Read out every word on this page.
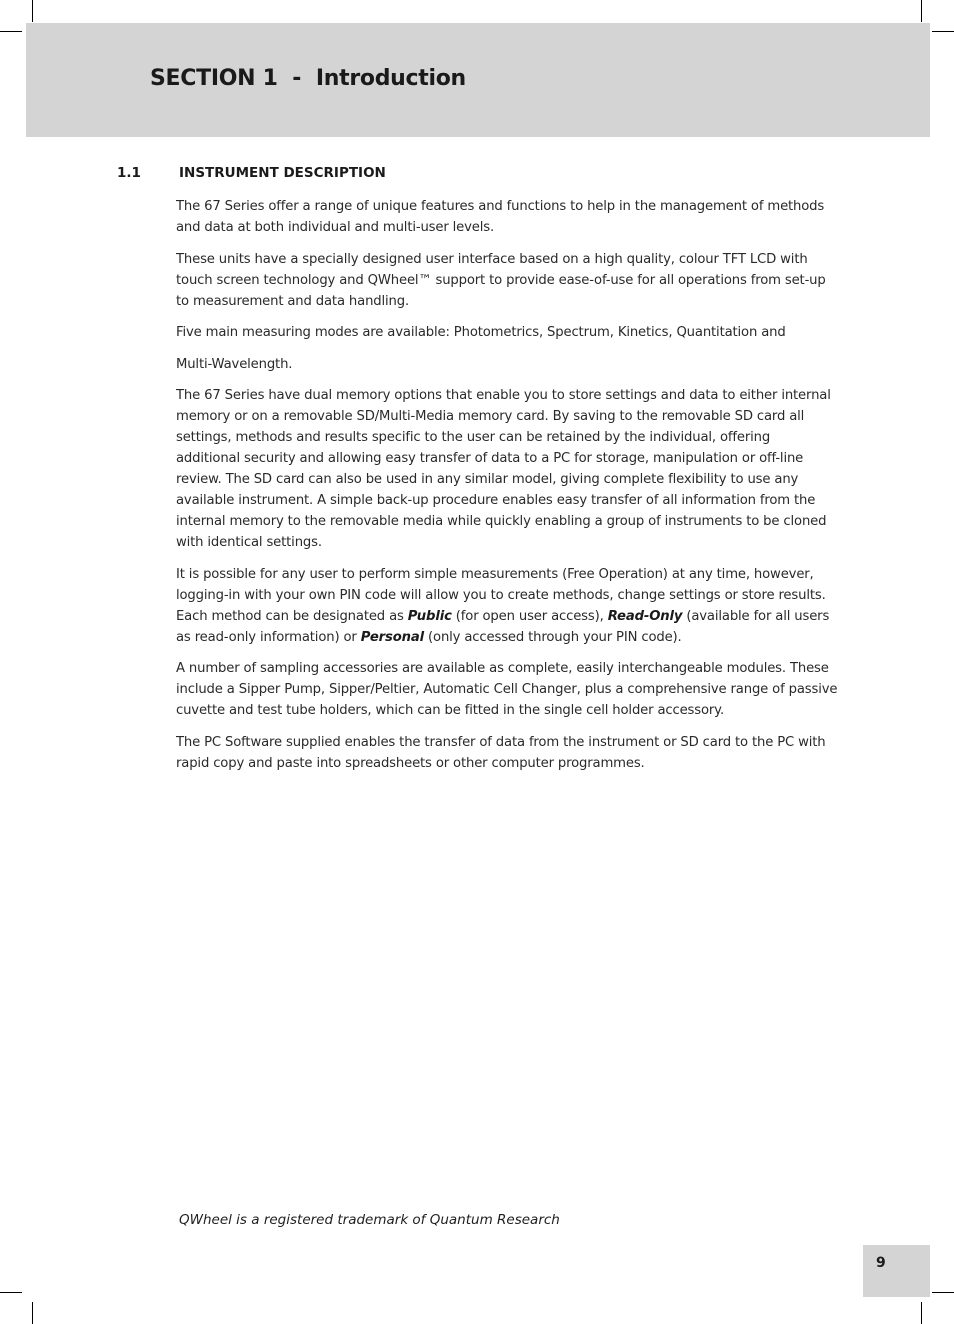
SECTION 1  -  Introduction
1.1	INSTRUMENT DESCRIPTION

The 67 Series offer a range of unique features and functions to help in the management of methods and data at both individual and multi-user levels.

These units have a specially designed user interface based on a high quality, colour TFT LCD with touch screen technology and QWheel™ support to provide ease-of-use for all operations from set-up to measurement and data handling.

Five main measuring modes are available: Photometrics, Spectrum, Kinetics, Quantitation and

Multi-Wavelength.

The 67 Series have dual memory options that enable you to store settings and data to either internal memory or on a removable SD/Multi-Media memory card. By saving to the removable SD card all settings, methods and results specific to the user can be retained by the individual, offering additional security and allowing easy transfer of data to a PC for storage, manipulation or off-line review. The SD card can also be used in any similar model, giving complete flexibility to use any available instrument. A simple back-up procedure enables easy transfer of all information from the internal memory to the removable media while quickly enabling a group of instruments to be cloned with identical settings.

It is possible for any user to perform simple measurements (Free Operation) at any time, however, logging-in with your own PIN code will allow you to create methods, change settings or store results. Each method can be designated as Public (for open user access), Read-Only (available for all users as read-only information) or Personal (only accessed through your PIN code).

A number of sampling accessories are available as complete, easily interchangeable modules. These include a Sipper Pump, Sipper/Peltier, Automatic Cell Changer, plus a comprehensive range of passive cuvette and test tube holders, which can be fitted in the single cell holder accessory.

The PC Software supplied enables the transfer of data from the instrument or SD card to the PC with rapid copy and paste into spreadsheets or other computer programmes.

QWheel is a registered trademark of Quantum Research
9
